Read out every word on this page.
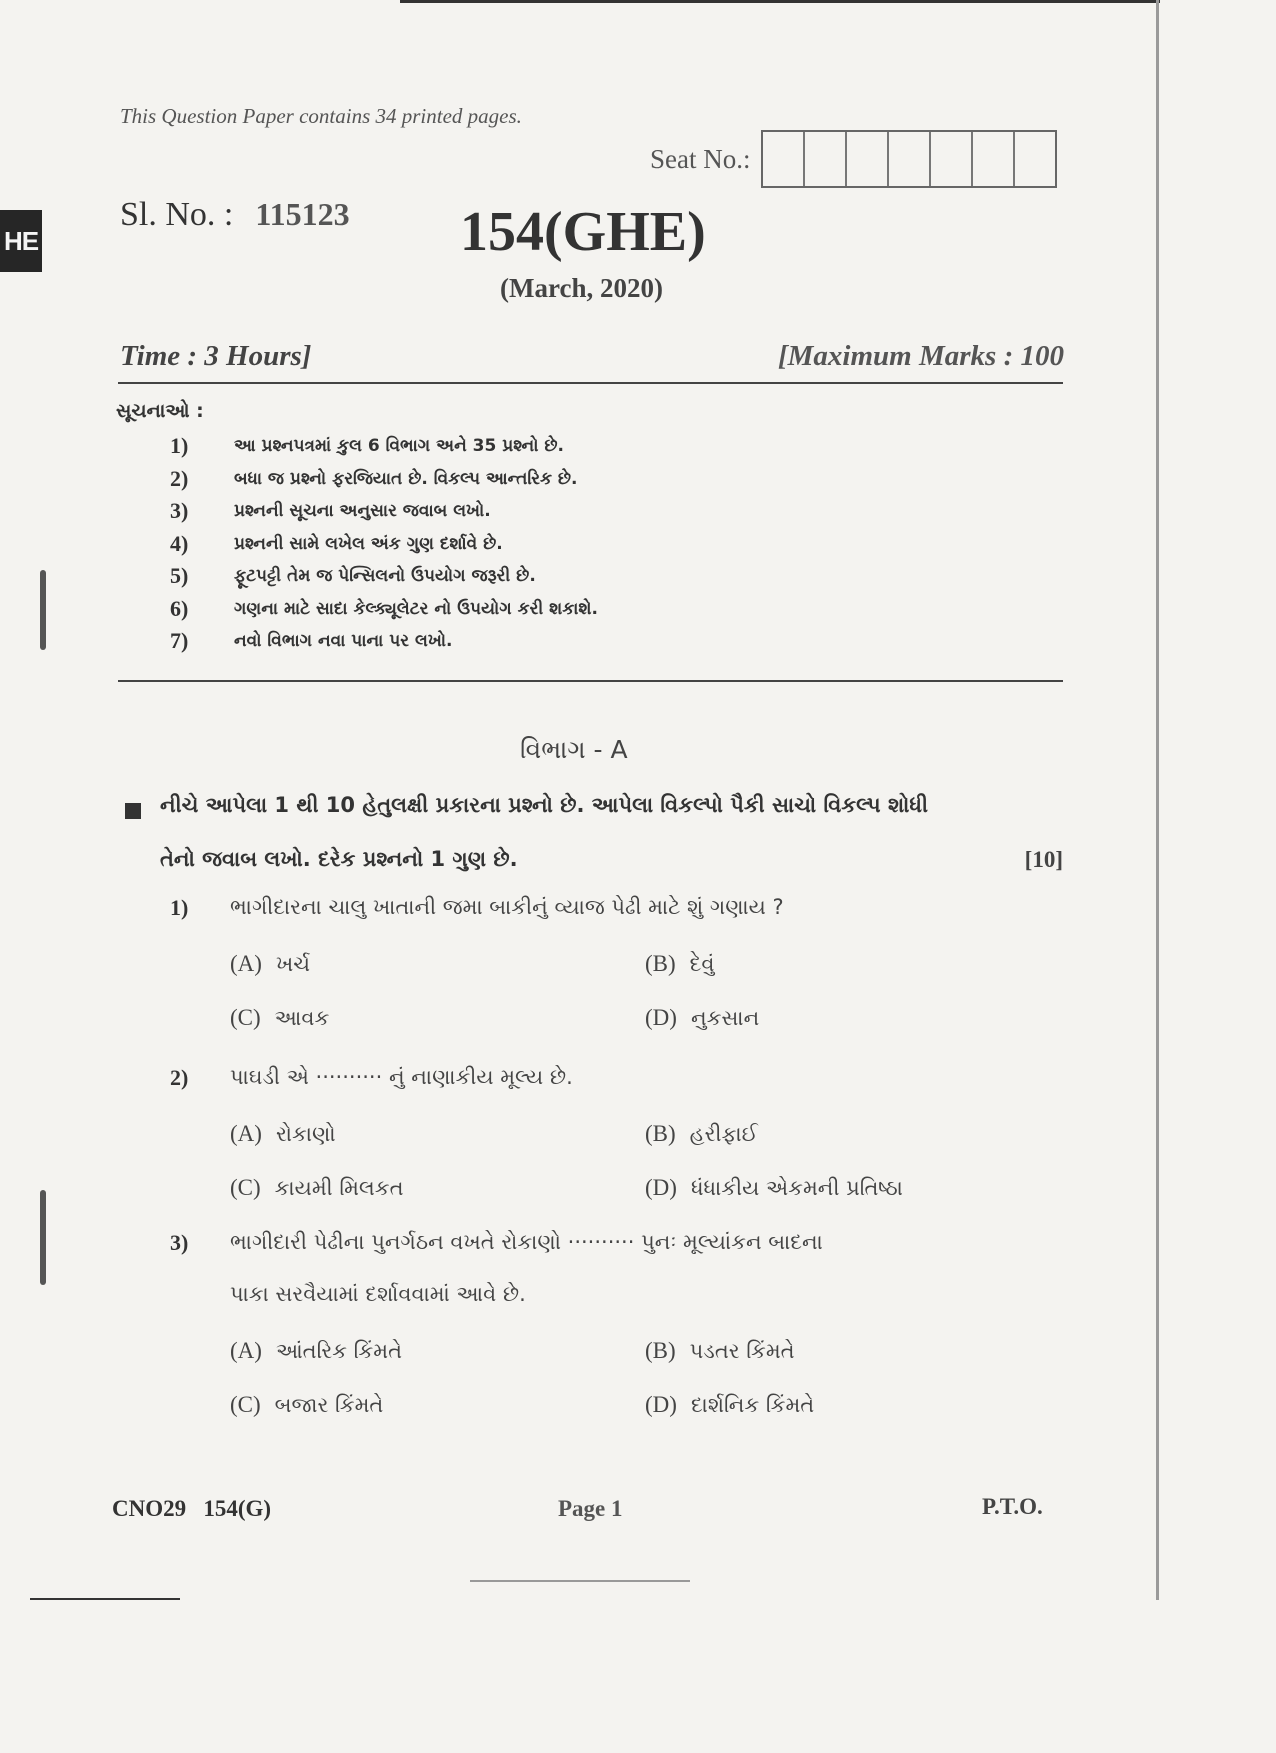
HE
This Question Paper contains 34 printed pages.
Seat No.:
Sl. No. : 115123 154(GHE)
(March, 2020)
Time : 3 Hours]	[Maximum Marks : 100
સૂચનાઓ :
1)	આ પ્રશ્નપત્રમાં કુલ 6 વિભાગ અને 35 પ્રશ્નો છે.
2)	બધા જ પ્રશ્નો ફરજિયાત છે. વિકલ્પ આન્તરિક છે.
3)	પ્રશ્નની સૂચના અનુસાર જવાબ લખો.
4)	પ્રશ્નની સામે લખેલ અંક ગુણ દર્શાવે છે.
5)	ફૂટપટ્ટી તેમ જ પેન્સિલનો ઉપયોગ જરૂરી છે.
6)	ગણના માટે સાદા કેલ્ક્યૂલેટર નો ઉપયોગ કરી શકાશે.
7)	નવો વિભાગ નવા પાના પર લખો.
વિભાગ - A
નીચે આપેલા 1 થી 10 હેતુલક્ષી પ્રકારના પ્રશ્નો છે. આપેલા વિકલ્પો પૈકી સાચો વિકલ્પ શોધી
તેનો જવાબ લખો. દરેક પ્રશ્નનો 1 ગુણ છે.	[10]
1) ભાગીદારના ચાલુ ખાતાની જમા બાકીનું વ્યાજ પેઢી માટે શું ગણાય ?
(A) ખર્ચ	(B) દેવું
(C) આવક	(D) નુકસાન
2) પાઘડી એ ·········· નું નાણાકીય મૂલ્ય છે.
(A) રોકાણો	(B) હરીફાઈ
(C) કાયમી મિલકત	(D) ધંધાકીય એકમની પ્રતિષ્ઠા
3) ભાગીદારી પેઢીના પુનર્ગઠન વખતે રોકાણો ·········· પુનઃ મૂલ્યાંકન બાદના
પાકા સરવૈયામાં દર્શાવવામાં આવે છે.
(A) આંતરિક કિંમતે	(B) પડતર કિંમતે
(C) બજાર કિંમતે	(D) દાર્શનિક કિંમતે
CNO29   154(G)	Page 1	P.T.O.
